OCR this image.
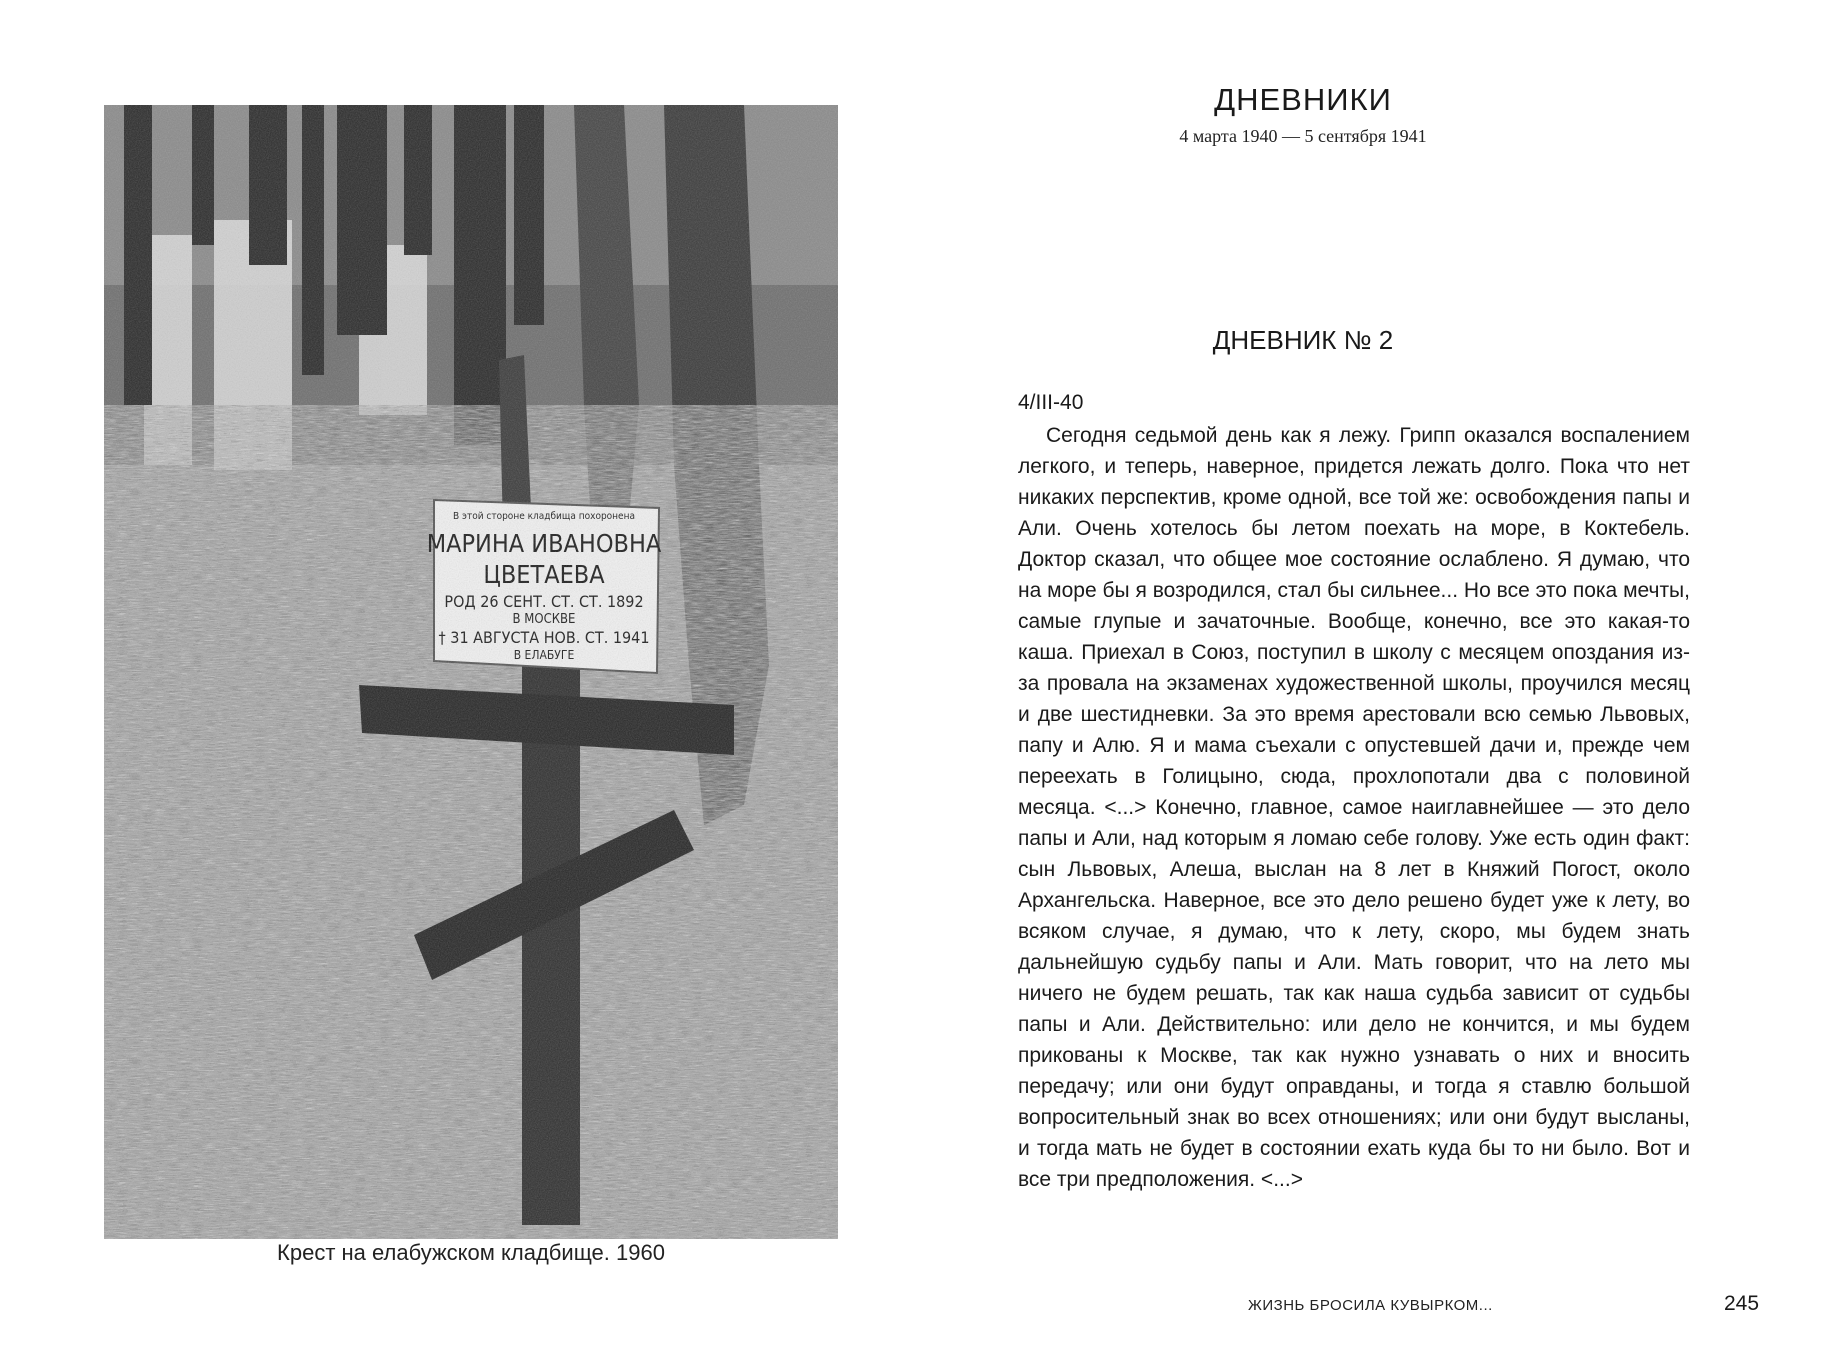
Крест на елабужском кладбище. 1960
ДНЕВНИКИ
4 марта 1940 — 5 сентября 1941
ДНЕВНИК № 2
4/III-40

Сегодня седьмой день как я лежу. Грипп оказался воспалением легкого, и теперь, наверное, придется лежать долго. Пока что нет никаких перспектив, кроме одной, все той же: освобождения папы и Али. Очень хотелось бы летом поехать на море, в Коктебель. Доктор сказал, что общее мое состояние ослаблено. Я думаю, что на море бы я возродился, стал бы сильнее... Но все это пока мечты, самые глупые и зачаточные. Вообще, конечно, все это какая-то каша. Приехал в Союз, поступил в школу с месяцем опоздания из-за провала на экзаменах художественной школы, проучился месяц и две шестидневки. За это время арестовали всю семью Львовых, папу и Алю. Я и мама съехали с опустевшей дачи и, прежде чем переехать в Голицыно, сюда, прохлопотали два с половиной месяца. <...> Конечно, главное, самое наиглавнейшее — это дело папы и Али, над которым я ломаю себе голову. Уже есть один факт: сын Львовых, Алеша, выслан на 8 лет в Княжий Погост, около Архангельска. Наверное, все это дело решено будет уже к лету, во всяком случае, я думаю, что к лету, скоро, мы будем знать дальнейшую судьбу папы и Али. Мать говорит, что на лето мы ничего не будем решать, так как наша судьба зависит от судьбы папы и Али. Действительно: или дело не кончится, и мы будем прикованы к Москве, так как нужно узнавать о них и вносить передачу; или они будут оправданы, и тогда я ставлю большой вопросительный знак во всех отношениях; или они будут высланы, и тогда мать не будет в состоянии ехать куда бы то ни было. Вот и все три предположения. <...>

ЖИЗНЬ БРОСИЛА КУВЫРКОМ...	245
